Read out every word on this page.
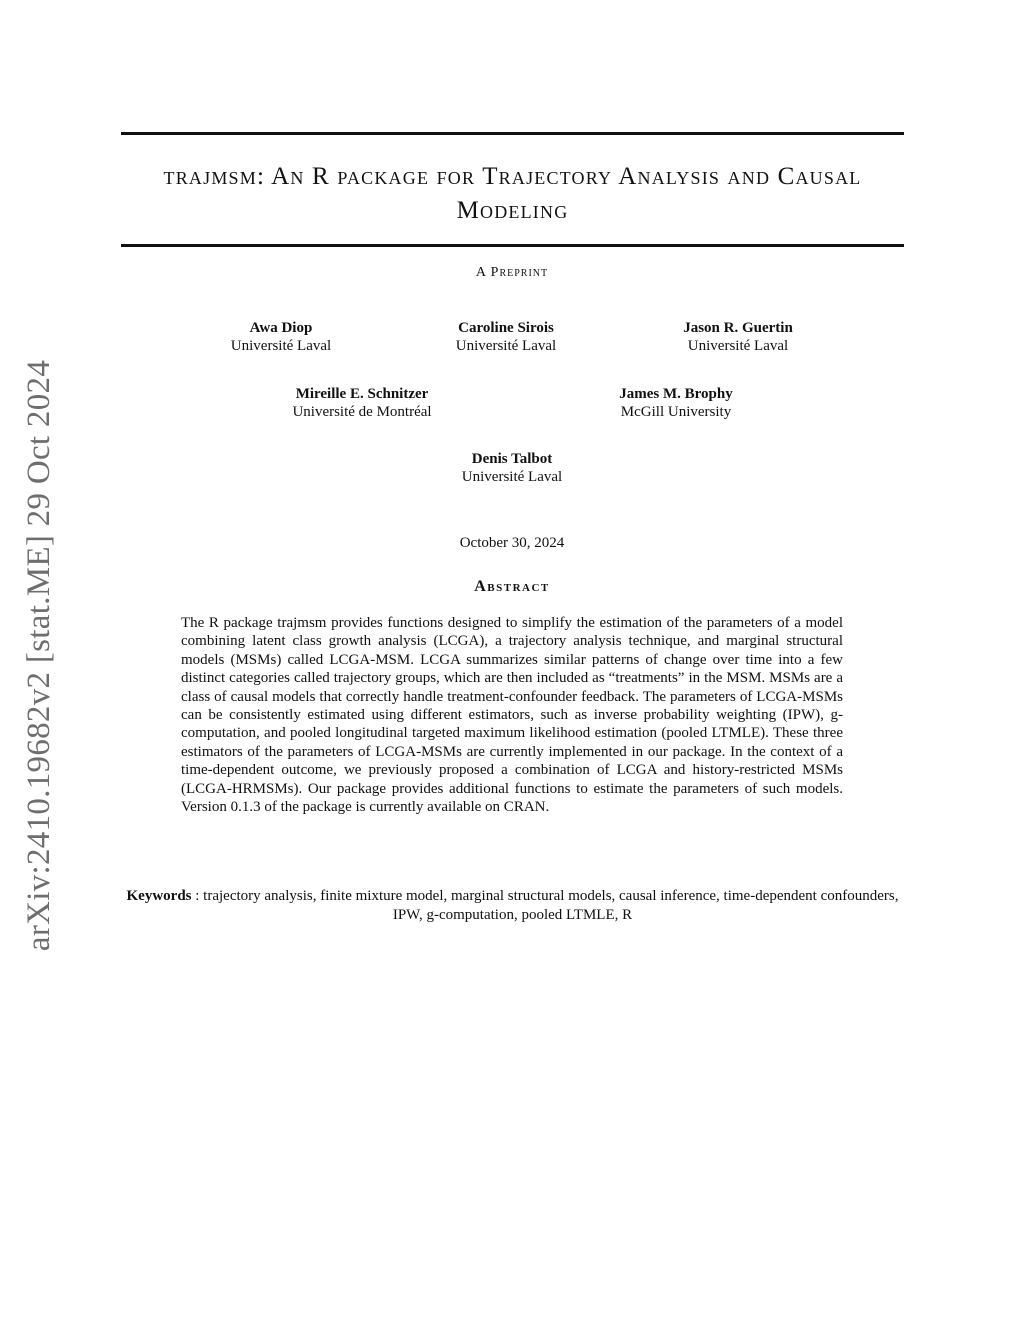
arXiv:2410.19682v2 [stat.ME] 29 Oct 2024
trajmsm: An R package for Trajectory Analysis and Causal Modeling
A Preprint
Awa Diop
Université Laval
Caroline Sirois
Université Laval
Jason R. Guertin
Université Laval
Mireille E. Schnitzer
Université de Montréal
James M. Brophy
McGill University
Denis Talbot
Université Laval
October 30, 2024
Abstract

The R package trajmsm provides functions designed to simplify the estimation of the parameters of a model combining latent class growth analysis (LCGA), a trajectory analysis technique, and marginal structural models (MSMs) called LCGA-MSM. LCGA summarizes similar patterns of change over time into a few distinct categories called trajectory groups, which are then included as “treatments” in the MSM. MSMs are a class of causal models that correctly handle treatment-confounder feedback. The parameters of LCGA-MSMs can be consistently estimated using different estimators, such as inverse probability weighting (IPW), g-computation, and pooled longitudinal targeted maximum likelihood estimation (pooled LTMLE). These three estimators of the parameters of LCGA-MSMs are currently implemented in our package. In the context of a time-dependent outcome, we previously proposed a combination of LCGA and history-restricted MSMs (LCGA-HRMSMs). Our package provides additional functions to estimate the parameters of such models. Version 0.1.3 of the package is currently available on CRAN.

Keywords : trajectory analysis, finite mixture model, marginal structural models, causal inference, time-dependent confounders, IPW, g-computation, pooled LTMLE, R
